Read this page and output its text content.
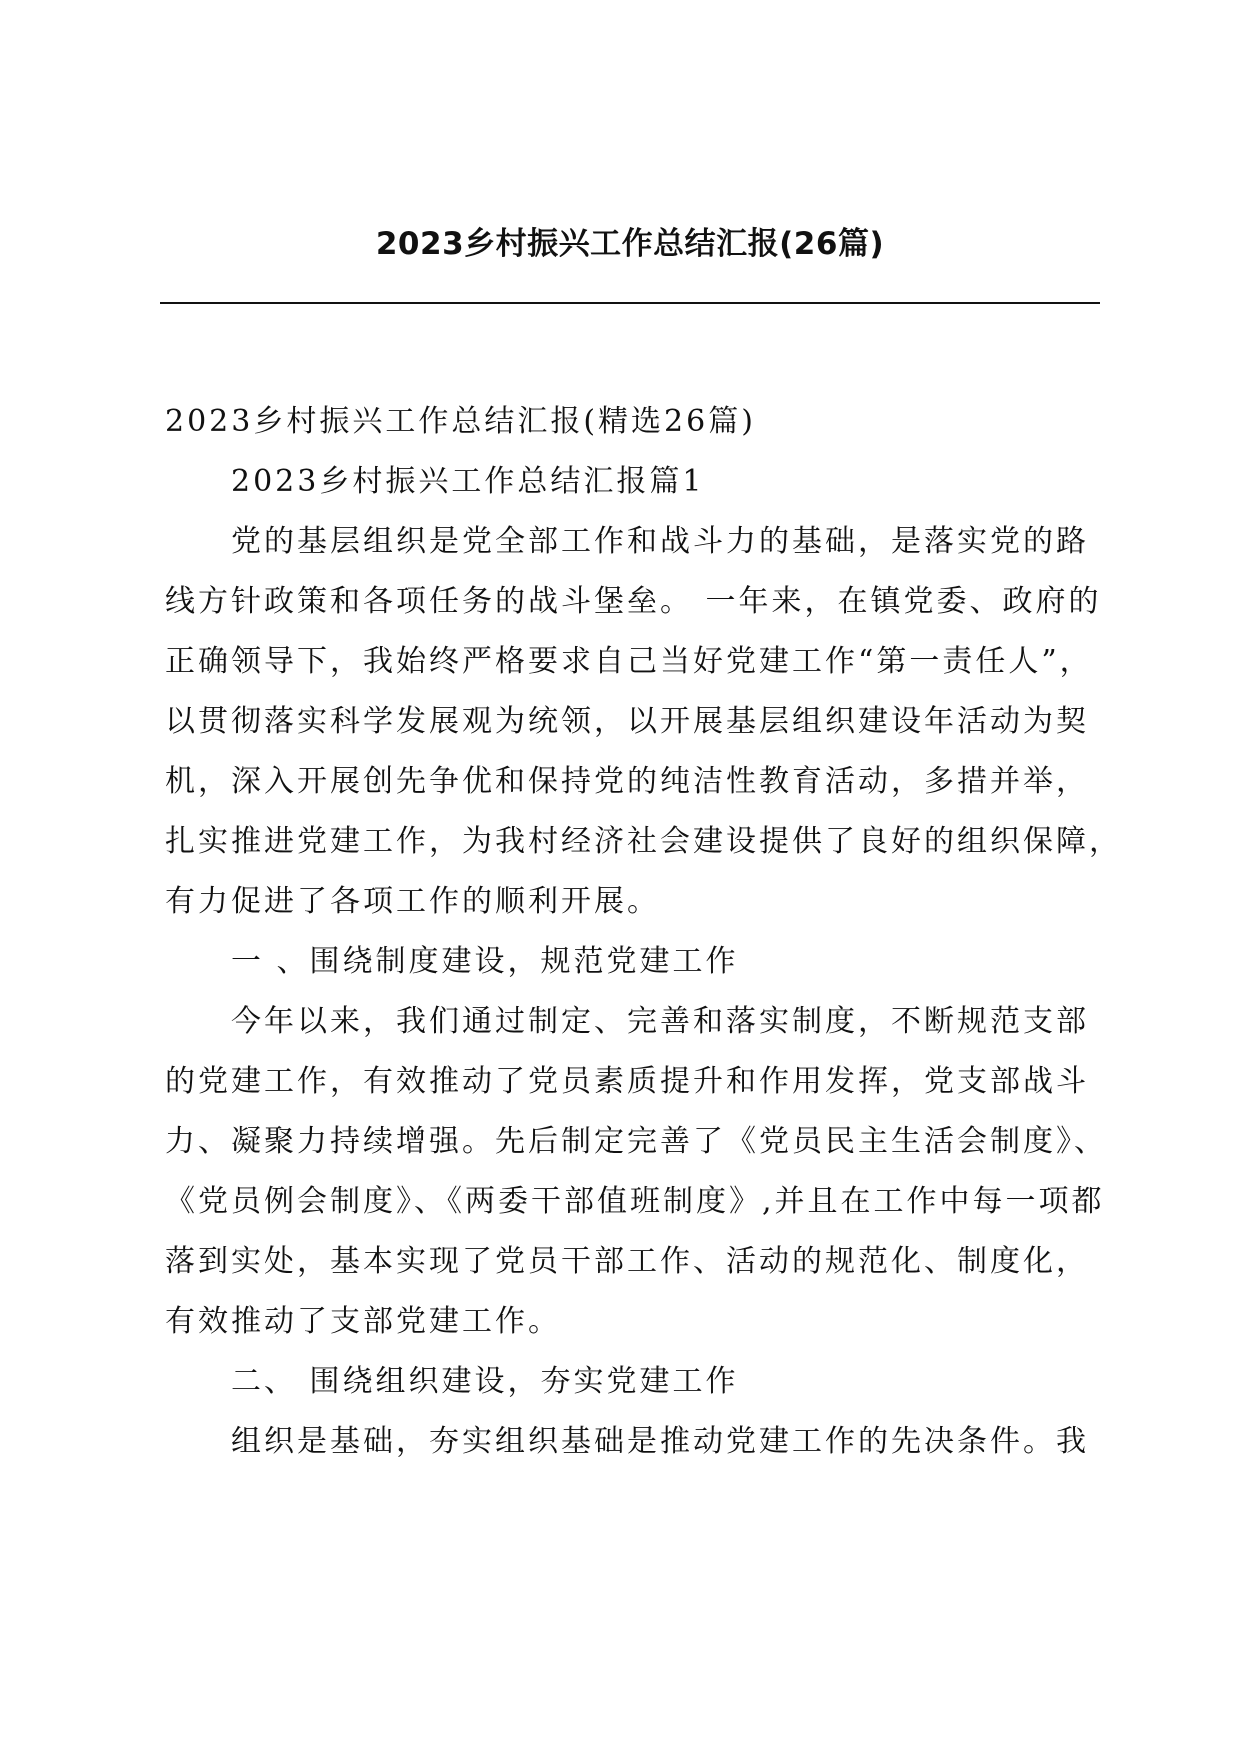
2023乡村振兴工作总结汇报(26篇)
2023乡村振兴工作总结汇报(精选26篇)
2023乡村振兴工作总结汇报篇1
党的基层组织是党全部工作和战斗力的基础，是落实党的路
线方针政策和各项任务的战斗堡垒。 一年来，在镇党委、政府的
正确领导下，我始终严格要求自己当好党建工作“第一责任人”，
以贯彻落实科学发展观为统领，以开展基层组织建设年活动为契
机，深入开展创先争优和保持党的纯洁性教育活动，多措并举，
扎实推进党建工作，为我村经济社会建设提供了良好的组织保障，
有力促进了各项工作的顺利开展。
一 、围绕制度建设，规范党建工作
今年以来，我们通过制定、完善和落实制度，不断规范支部
的党建工作，有效推动了党员素质提升和作用发挥，党支部战斗
力、凝聚力持续增强。先后制定完善了《党员民主生活会制度》、
《党员例会制度》、《两委干部值班制度》,并且在工作中每一项都
落到实处，基本实现了党员干部工作、活动的规范化、制度化，
有效推动了支部党建工作。
二、 围绕组织建设，夯实党建工作
组织是基础，夯实组织基础是推动党建工作的先决条件。我
